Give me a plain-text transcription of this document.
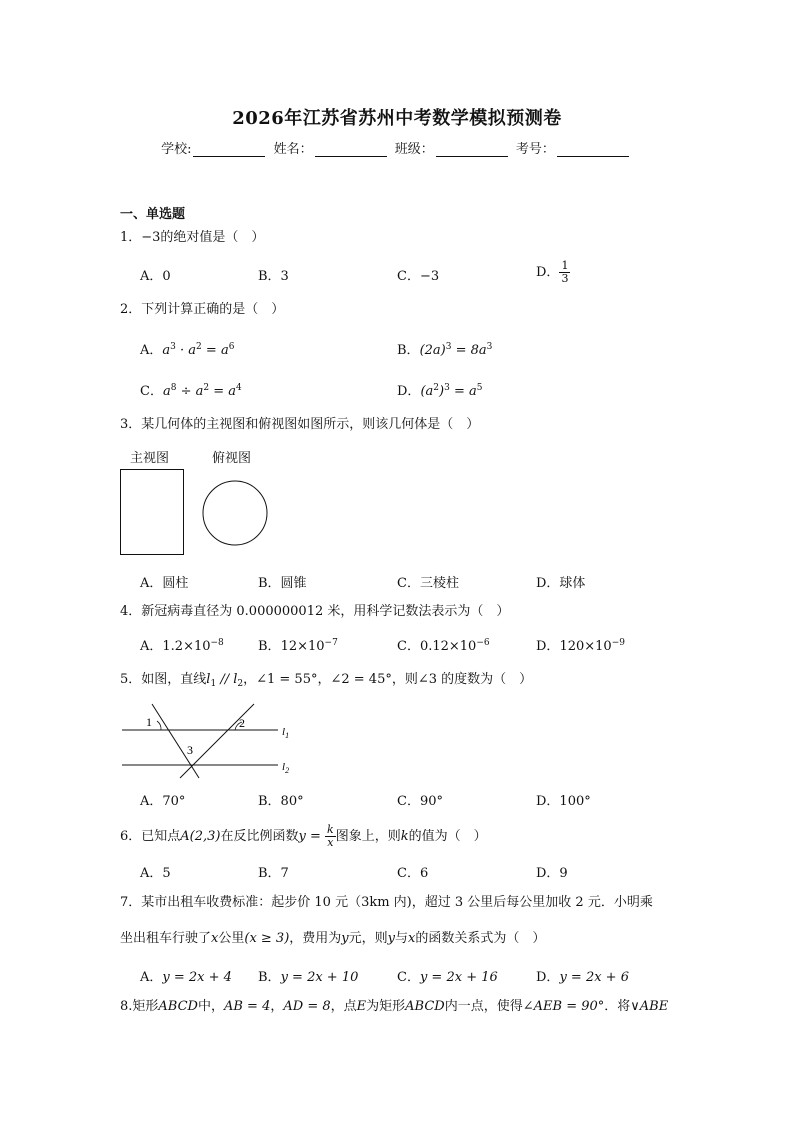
2026年江苏省苏州中考数学模拟预测卷
学校:	姓名：	班级：	考号：
一、单选题
1．−3的绝对值是（　）
A．0	B．3	C．−3	D． $\frac{1}{3}$
2．下列计算正确的是（　）
A．$a^3 \cdot a^2 = a^6$	B．$(2a)^3 = 8a^3$
C．$a^8 \div a^2 = a^4$	D．$(a^2)^3 = a^5$
3．某几何体的主视图和俯视图如图所示，则该几何体是（　）
主视图	俯视图
A．圆柱	B．圆锥	C．三棱柱	D．球体
4．新冠病毒直径为 0.000000012 米，用科学记数法表示为（　）
A．$1.2\times 10^{-8}$	B．$12\times 10^{-7}$	C．$0.12\times 10^{-6}$	D．$120\times 10^{-9}$
5．如图，直线$l_1 // l_2$，∠1 = 55°，∠2 = 45°，则∠3 的度数为（　）
1	2
3
$l_1$
$l_2$
A．70°	B．80°	C．90°	D．100°
6．已知点A(2,3)在反比例函数$y = \frac{k}{x}$ 图象上，则k的值为（　）
A．5	B．7	C．6	D．9
7．某市出租车收费标准：起步价 10 元（3km 内)，超过 3 公里后每公里加收 2 元．小明乘
坐出租车行驶了x公里(x ≥ 3)，费用为y元，则y与x的函数关系式为（　）
A．y = 2x + 4 B．y = 2x + 10	C．y = 2x + 16	D．y = 2x + 6
8.矩形ABCD中，AB = 4，AD = 8，点E为矩形ABCD内一点，使得∠AEB = 90°．将∨ABE
